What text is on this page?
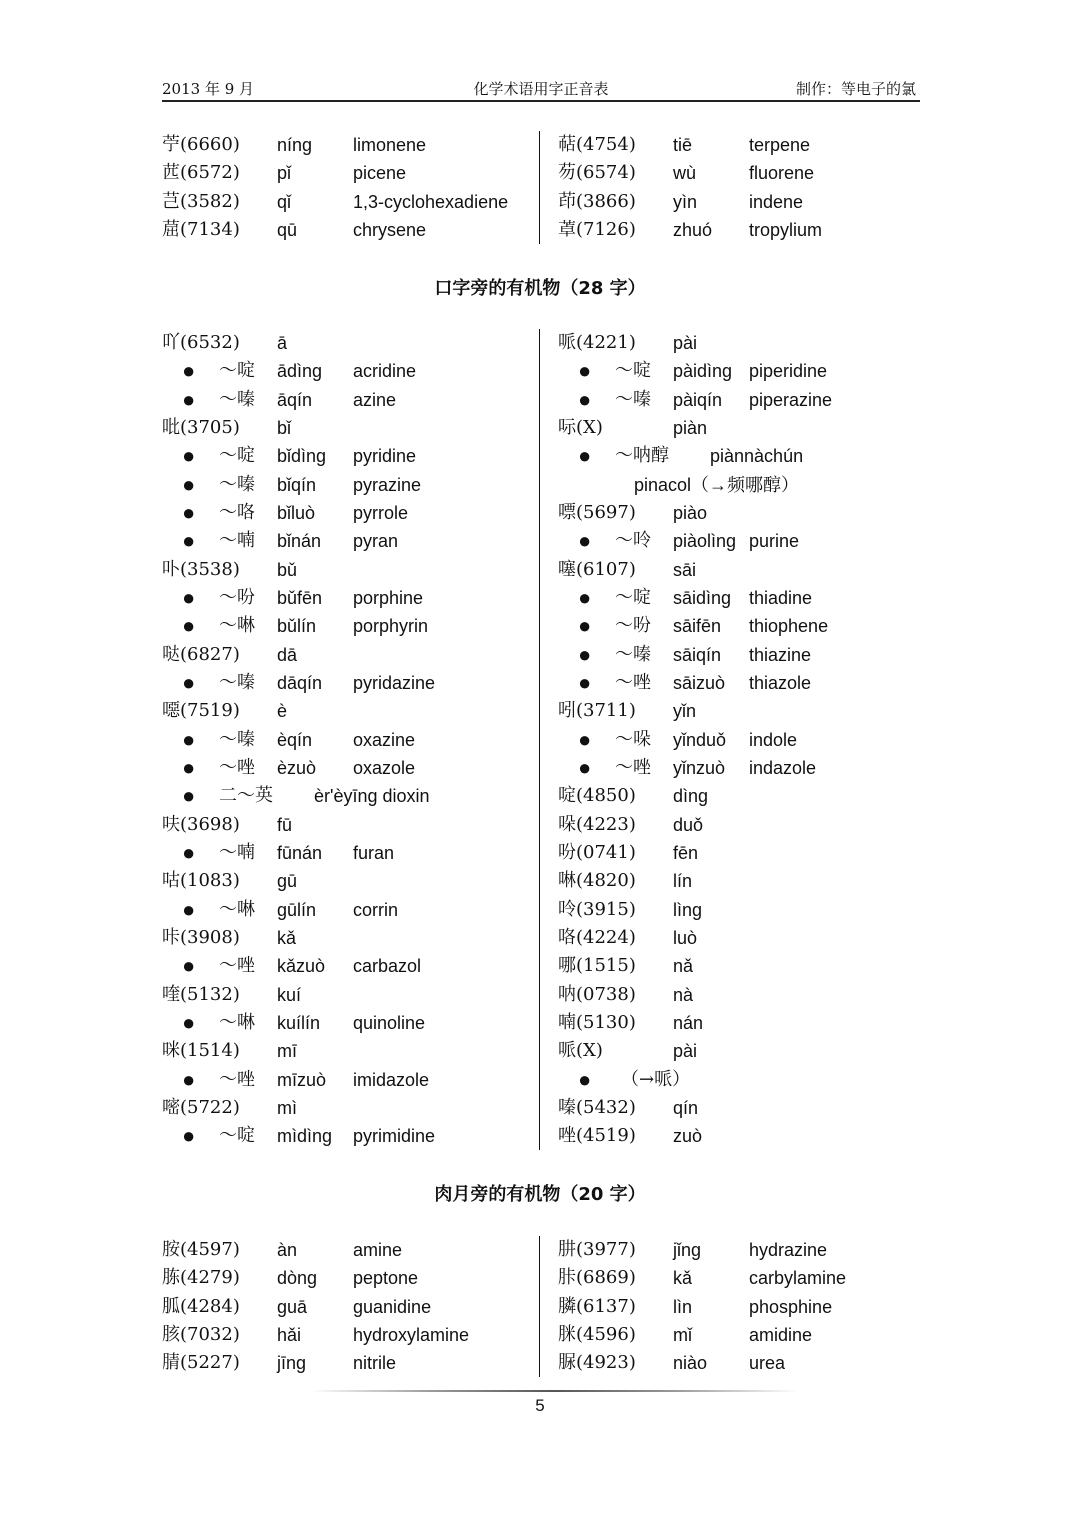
2013 年 9 月	化学术语用字正音表	制作：等电子的氯
苧(6660) níng limonene
苉(6572) pǐ	picene
芑(3582) qǐ	1,3-cyclohexadiene
䓛(7134) qū	chrysene
萜(4754) tiē	terpene
芴(6574) wù	fluorene
茚(3866) yìn	indene
䓬(7126) zhuó tropylium
口字旁的有机物（28 字）
吖(6532) ā
● ～啶 ādìng acridine
● ～嗪 āqín azine
吡(3705) bǐ
● ～啶 bǐdìng pyridine
● ～嗪 bǐqín pyrazine
● ～咯 bǐluò pyrrole
● ～喃 bǐnán pyran
卟(3538) bǔ
● ～吩 bǔfēn porphine
● ～啉 bǔlín porphyrin
哒(6827) dā
● ～嗪 dāqín pyridazine
噁(7519) è
● ～嗪 èqín oxazine
● ～唑 èzuò oxazole
● 二～英 èr'èyīng dioxin
呋(3698) fū
● ～喃 fūnán furan
咕(1083) gū
● ～啉 gūlín corrin
咔(3908) kǎ
● ～唑 kǎzuò carbazol
喹(5132) kuí
● ～啉 kuílín quinoline
咪(1514) mī
● ～唑 mīzuò imidazole
嘧(5722) mì
● ～啶 mìdìng pyrimidine
哌(4221) pài
● ～啶 pàidìng piperidine
● ～嗪 pàiqín piperazine
呩(X)	piàn
● ～呐醇 piànnàchún
pinacol（→频哪醇）
嘌(5697) piào
● ～呤 piàolìng purine
噻(6107) sāi
● ～啶 sāidìng thiadine
● ～吩 sāifēn thiophene
● ～嗪 sāiqín thiazine
● ～唑 sāizuò thiazole
吲(3711) yǐn
● ～哚 yǐnduǒ indole
● ～唑 yǐnzuò indazole
啶(4850) dìng
哚(4223) duǒ
吩(0741) fēn
啉(4820) lín
呤(3915) lìng
咯(4224) luò
哪(1515) nǎ
呐(0738) nà
喃(5130) nán
哌(X)	pài
● （→哌）
嗪(5432) qín
唑(4519) zuò
肉月旁的有机物（20 字）
胺(4597) àn	amine
胨(4279) dòng peptone
胍(4284) guā	guanidine
胲(7032) hǎi	hydroxylamine
腈(5227) jīng	nitrile
肼(3977) jǐng	hydrazine
胩(6869) kǎ	carbylamine
膦(6137) lìn	phosphine
脒(4596) mǐ	amidine
脲(4923) niào urea
5
